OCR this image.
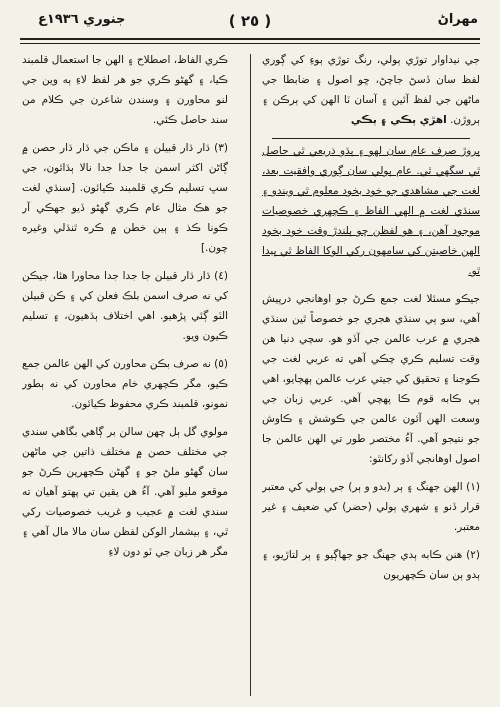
مهراڻ
( ٢٥ )
جنوري ١٩٣٦ع

جي نيداوار توڙي ٻولي، رنگ توڙي ٻوءِ کي ڳوري لفظ سان ڏسڻ جاچڻ، ڇو اصول ۽ ضابطا جي ماڻهن جي لفظ آئين ۽ آسان ٽا الهن کي ٻرڪن ۽ ٻروڙن. اهڙي ٻڪي ۽ ٻڪي

ٻروڙ صرف عام سان لهو ۽ ٻڌو ذريعي ٿي حاصل ٿي سگهي ٿي. عام ٻولي سان ڳوري وافقيت بعد، لغت جي مشاهدي جو خود بخود معلوم ٿي ويندو ۽ سنڌي لغت ۾ الهي الفاظ ۽ ڪچهري خصوصيات موجود آهن، ۽ هو لفظن ڇو ٻلندڙ وقت خود بخود الهن خاصيتن کي سامهون رکي الوکا الفاظ ٿي پيدا ٿو.

جيڪو مسئلا لغت جمع ڪرڻ جو اوهانجي درپيش آهي، سو ٻي سنڌي هجري جو خصوصاً ٿين سنڌي هجري ۾ عرب عالمن جي آڏو هو. سچي دنيا هن وقت تسليم ڪري چڪي آهي ته عربي لغت جي ڪوجنا ۽ تحقيق کي جيتي عرب عالمن ٻهچايو، اهي ٻي ڪابه قوم ڪا پهچي آهي. عربي زبان جي وسعت الهن آئون عالمن جي ڪوشش ۽ ڪاوش جو نتيجو آهي. آءُ مختصر طور تي الهن عالمن جا اصول اوهانجي آڏو رکانٿو:

(١) الهن جهنگ ۽ ٻر (بدو و ٻر) جي ٻولي کي معتبر قرار ڏنو ۽ شهري ٻولي (حضر) کي ضعيف ۽ غير معتبر.

(٢) هنن ڪابه ٻدي جهنگ جو جهاڳيو ۽ ٻر لتاڙيو، ۽ ٻدو ٻن سان ڪچهريون

ڪري الفاظ، اصطلاح ۽ الهن جا استعمال قلمبند ڪيا، ۽ گهڻو ڪري جو هر لفظ لاءِ ٻه وين جي لنو محاورن ۽ وسندن شاعرن جي ڪلام من سند حاصل ڪئي.

(٣) ڌار ڌار قبيلن ۽ ماڪن جي ڌار ڌار حصن ۾ ڳاڻن اکثر اسمن جا جدا جدا نالا ٻڌائون، جي سڀ تسليم ڪري قلمبند ڪيائون. [سنڌي لغت جو هڪ مثال عام ڪري گهڻو ڏيو جهڪي آر ڪونا ڪذ ۽ ٻين خطن ۾ ڪره ٿنڌلي وغيره چون.]

(٤) ڌار ڌار قبيلن جا جدا جدا محاورا هئا، جيڪن کي نه صرف اسمن بلڪ فعلن کي ۽ ڪن قبيلن الٽو ڳئي پڙهيو. اهي اختلاف ٻڌهيون، ۽ تسليم ڪيون ويو.

(٥) نه صرف بڪن محاورن کي الهن عالمن جمع ڪيو، مگر ڪچهري خام محاورن کي نه ٻطور نمونو، قلمبند ڪري محفوظ ڪيائون.

مولوي گل ٻل چهن سالن بر ڳاهي بگاهي سندي جي مختلف حصن ۾ مختلف ذاتين جي ماڻهن سان گهڻو ملڻ جو ۽ گهڻن ڪچهرين ڪرڻ جو موقعو مليو آهي. آءُ هن يقين تي پهتو آهيان ته سندي لغت ۾ عجيب و غريب خصوصيات رکي ٿي، ۽ بيشمار الوکن لفظن سان مالا مال آهي ۽ مگر هر زبان جي ٽو دون لاءِ
